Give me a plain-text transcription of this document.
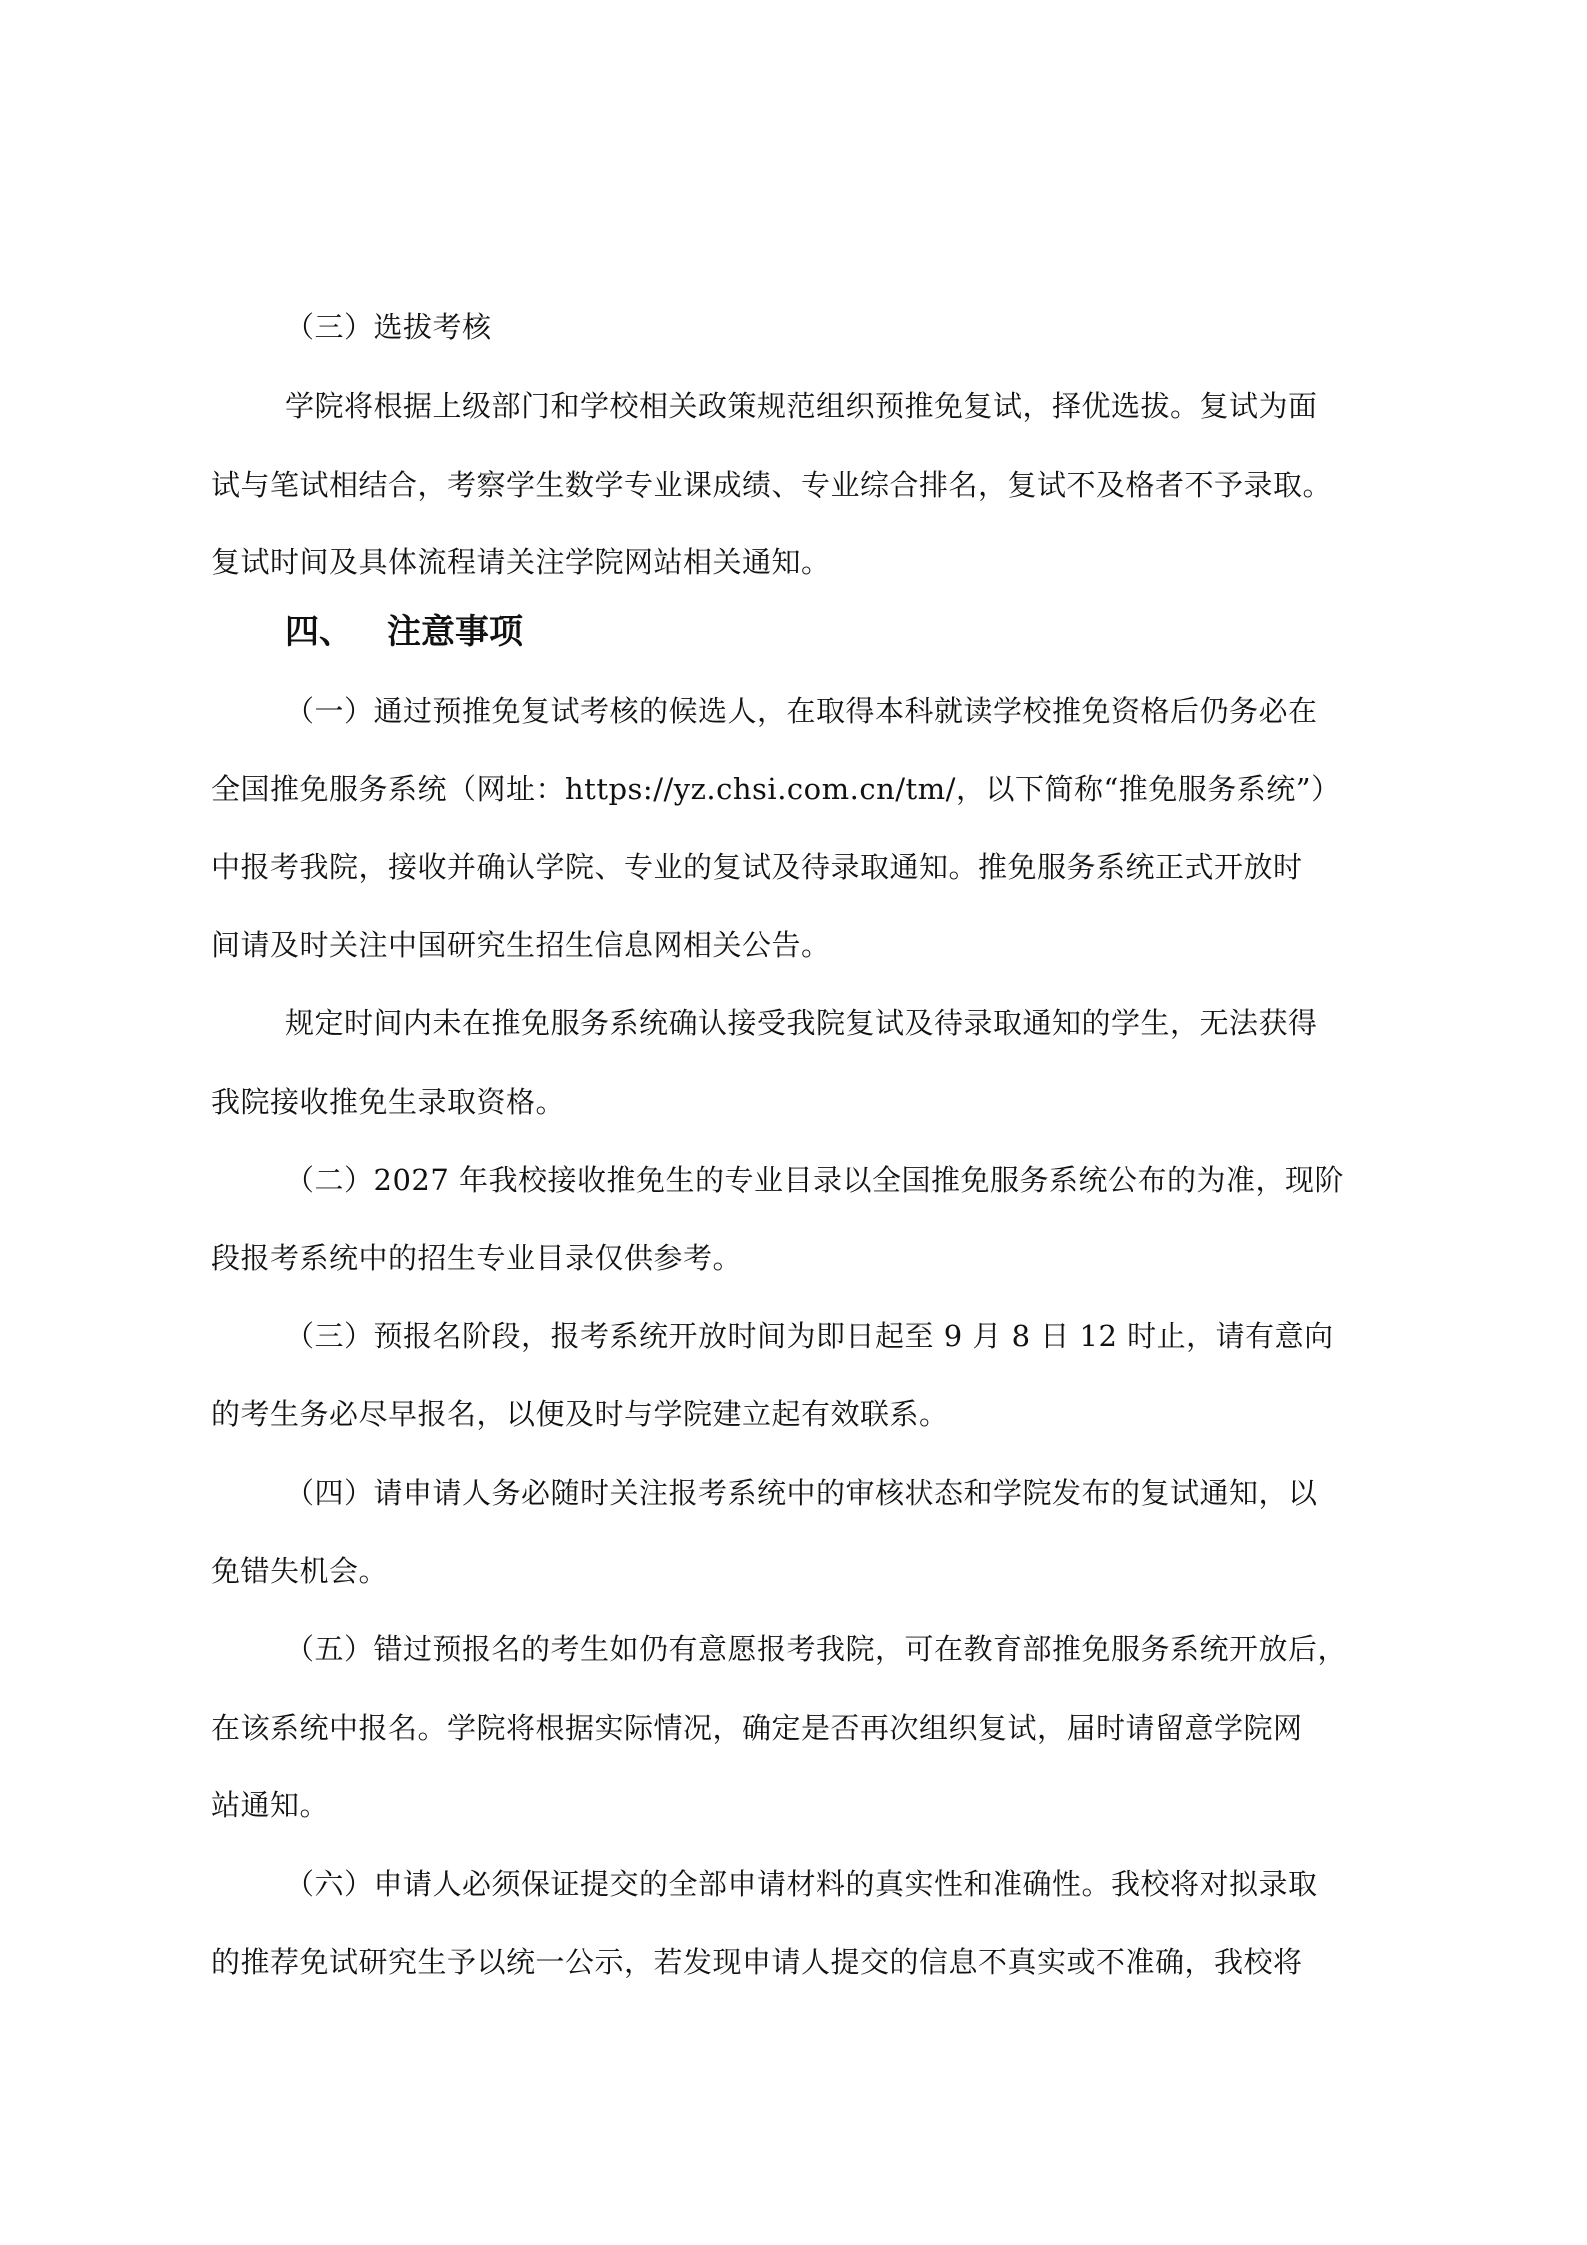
（三）选拔考核
学院将根据上级部门和学校相关政策规范组织预推免复试，择优选拔。复试为面
试与笔试相结合，考察学生数学专业课成绩、专业综合排名，复试不及格者不予录取。
复试时间及具体流程请关注学院网站相关通知。
四、 注意事项
（一）通过预推免复试考核的候选人，在取得本科就读学校推免资格后仍务必在
全国推免服务系统（网址：https://yz.chsi.com.cn/tm/，以下简称“推免服务系统”）
中报考我院，接收并确认学院、专业的复试及待录取通知。推免服务系统正式开放时
间请及时关注中国研究生招生信息网相关公告。
规定时间内未在推免服务系统确认接受我院复试及待录取通知的学生，无法获得
我院接收推免生录取资格。
（二）2027 年我校接收推免生的专业目录以全国推免服务系统公布的为准，现阶
段报考系统中的招生专业目录仅供参考。
（三）预报名阶段，报考系统开放时间为即日起至 9 月 8 日 12 时止，请有意向
的考生务必尽早报名，以便及时与学院建立起有效联系。
（四）请申请人务必随时关注报考系统中的审核状态和学院发布的复试通知，以
免错失机会。
（五）错过预报名的考生如仍有意愿报考我院，可在教育部推免服务系统开放后，
在该系统中报名。学院将根据实际情况，确定是否再次组织复试，届时请留意学院网
站通知。
（六）申请人必须保证提交的全部申请材料的真实性和准确性。我校将对拟录取
的推荐免试研究生予以统一公示，若发现申请人提交的信息不真实或不准确，我校将
